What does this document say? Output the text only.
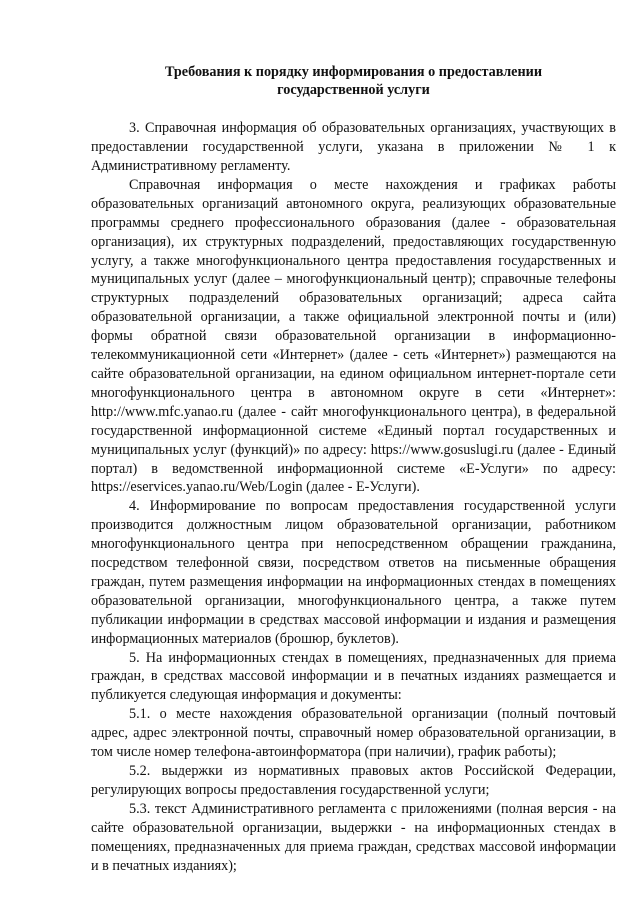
Требования к порядку информирования о предоставлении государственной услуги

3. Справочная информация об образовательных организациях, участвующих в предоставлении государственной услуги, указана в приложении № 1 к Административному регламенту.

Справочная информация о месте нахождения и графиках работы образовательных организаций автономного округа, реализующих образовательные программы среднего профессионального образования (далее - образовательная организация), их структурных подразделений, предоставляющих государственную услугу, а также многофункционального центра предоставления государственных и муниципальных услуг (далее – многофункциональный центр); справочные телефоны структурных подразделений образовательных организаций; адреса сайта образовательной организации, а также официальной электронной почты и (или) формы обратной связи образовательной организации в информационно-телекоммуникационной сети «Интернет» (далее - сеть «Интернет») размещаются на сайте образовательной организации, на едином официальном интернет-портале сети многофункционального центра в автономном округе в сети «Интернет»: http://www.mfc.yanao.ru (далее - сайт многофункционального центра), в федеральной государственной информационной системе «Единый портал государственных и муниципальных услуг (функций)» по адресу: https://www.gosuslugi.ru (далее - Единый портал) в ведомственной информационной системе «Е-Услуги» по адресу: https://eservices.yanao.ru/Web/Login (далее - Е-Услуги).

4. Информирование по вопросам предоставления государственной услуги производится должностным лицом образовательной организации, работником многофункционального центра при непосредственном обращении гражданина, посредством телефонной связи, посредством ответов на письменные обращения граждан, путем размещения информации на информационных стендах в помещениях образовательной организации, многофункционального центра, а также путем публикации информации в средствах массовой информации и издания и размещения информационных материалов (брошюр, буклетов).

5. На информационных стендах в помещениях, предназначенных для приема граждан, в средствах массовой информации и в печатных изданиях размещается и публикуется следующая информация и документы:

5.1. о месте нахождения образовательной организации (полный почтовый адрес, адрес электронной почты, справочный номер образовательной организации, в том числе номер телефона-автоинформатора (при наличии), график работы);

5.2. выдержки из нормативных правовых актов Российской Федерации, регулирующих вопросы предоставления государственной услуги;

5.3. текст Административного регламента с приложениями (полная версия - на сайте образовательной организации, выдержки - на информационных стендах в помещениях, предназначенных для приема граждан, средствах массовой информации и в печатных изданиях);
